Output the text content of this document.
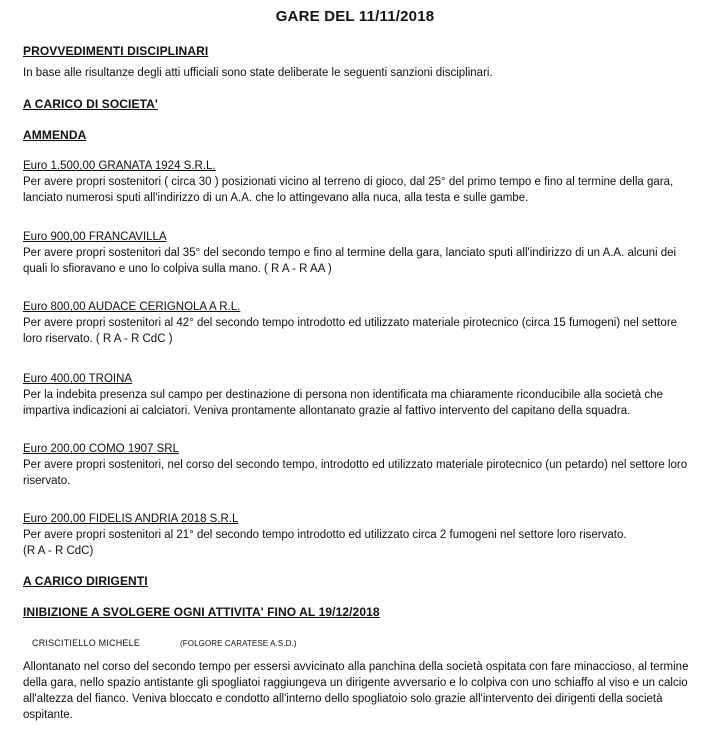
GARE DEL 11/11/2018
PROVVEDIMENTI DISCIPLINARI
In base alle risultanze degli atti ufficiali sono state deliberate le seguenti sanzioni disciplinari.
A CARICO DI SOCIETA'
AMMENDA
Euro 1.500,00 GRANATA 1924 S.R.L.
Per avere propri sostenitori ( circa 30 ) posizionati vicino al terreno di gioco, dal 25° del primo tempo e fino al termine della gara,
lanciato numerosi sputi all'indirizzo di un A.A. che lo attingevano alla nuca, alla testa e sulle gambe.
Euro 900,00 FRANCAVILLA
Per avere propri sostenitori dal 35° del secondo tempo e fino al termine della gara, lanciato sputi all'indirizzo di un A.A. alcuni dei
quali lo sfioravano e uno lo colpiva sulla mano. ( R A - R AA )
Euro 800,00 AUDACE CERIGNOLA A R.L.
Per avere propri sostenitori al 42° del secondo tempo introdotto ed utilizzato materiale pirotecnico (circa 15 fumogeni) nel settore
loro riservato. ( R A - R CdC )
Euro 400,00 TROINA
Per la indebita presenza sul campo per destinazione di persona non identificata ma chiaramente riconducibile alla società che
impartiva indicazioni ai calciatori. Veniva prontamente allontanato grazie al fattivo intervento del capitano della squadra.
Euro 200,00 COMO 1907 SRL
Per avere propri sostenitori, nel corso del secondo tempo, introdotto ed utilizzato materiale pirotecnico (un petardo) nel settore loro
riservato.
Euro 200,00 FIDELIS ANDRIA 2018 S.R.L
Per avere propri sostenitori al 21° del secondo tempo introdotto ed utilizzato circa 2 fumogeni nel settore loro riservato.
(R A - R CdC)
A CARICO DIRIGENTI
INIBIZIONE A SVOLGERE OGNI ATTIVITA' FINO AL 19/12/2018
CRISCITIELLO MICHELE	(FOLGORE CARATESE A.S.D.)
Allontanato nel corso del secondo tempo per essersi avvicinato alla panchina della società ospitata con fare minaccioso, al termine
della gara, nello spazio antistante gli spogliatoi raggiungeva un dirigente avversario e lo colpiva con uno schiaffo al viso e un calcio
all'altezza del fianco. Veniva bloccato e condotto all'interno dello spogliatoio solo grazie all'intervento dei dirigenti della società
ospitante.
